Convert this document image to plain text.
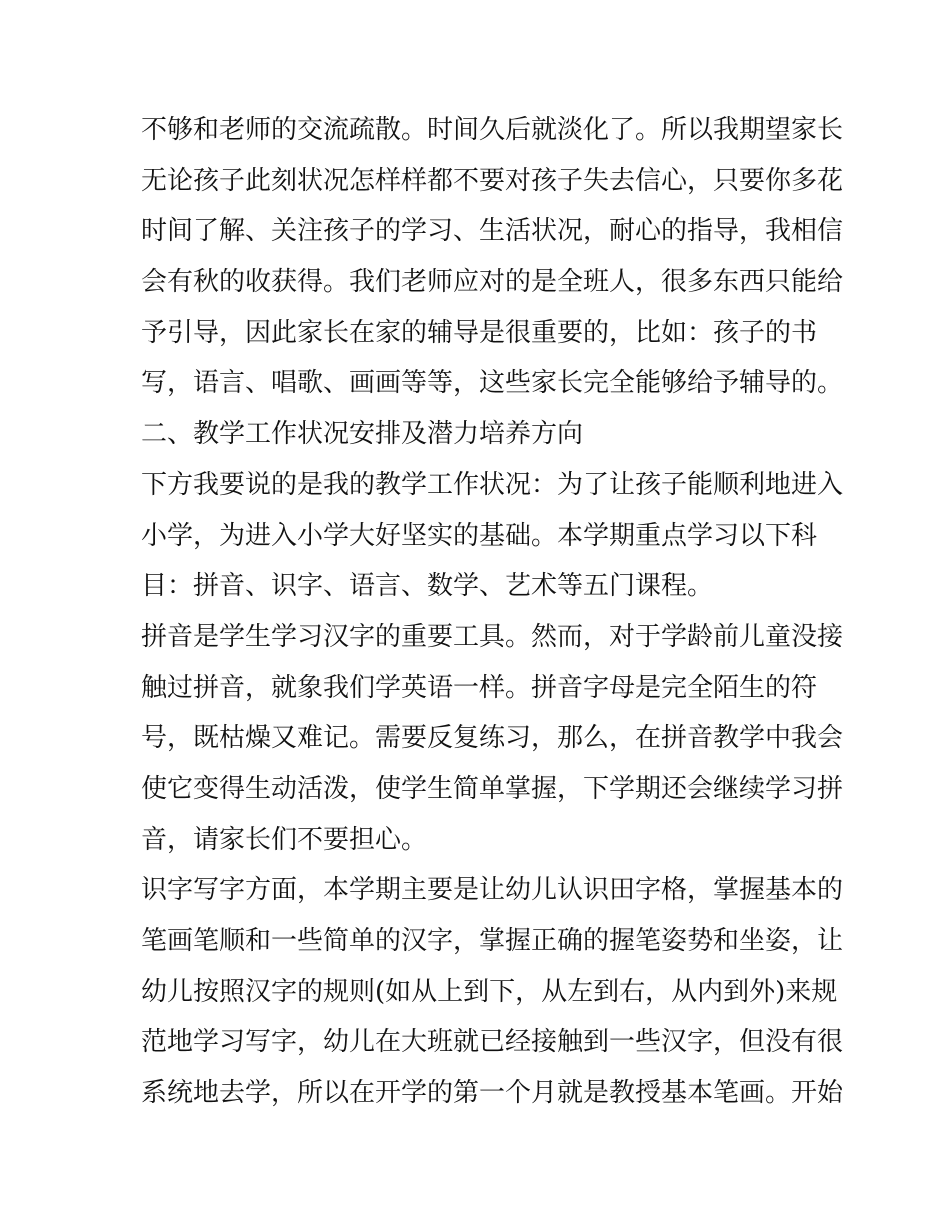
不够和老师的交流疏散。时间久后就淡化了。所以我期望家长
无论孩子此刻状况怎样样都不要对孩子失去信心，只要你多花
时间了解、关注孩子的学习、生活状况，耐心的指导，我相信
会有秋的收获得。我们老师应对的是全班人，很多东西只能给
予引导，因此家长在家的辅导是很重要的，比如：孩子的书
写，语言、唱歌、画画等等，这些家长完全能够给予辅导的。
二、教学工作状况安排及潜力培养方向
下方我要说的是我的教学工作状况：为了让孩子能顺利地进入
小学，为进入小学大好坚实的基础。本学期重点学习以下科
目：拼音、识字、语言、数学、艺术等五门课程。
拼音是学生学习汉字的重要工具。然而，对于学龄前儿童没接
触过拼音，就象我们学英语一样。拼音字母是完全陌生的符
号，既枯燥又难记。需要反复练习，那么，在拼音教学中我会
使它变得生动活泼，使学生简单掌握，下学期还会继续学习拼
音，请家长们不要担心。
识字写字方面，本学期主要是让幼儿认识田字格，掌握基本的
笔画笔顺和一些简单的汉字，掌握正确的握笔姿势和坐姿，让
幼儿按照汉字的规则(如从上到下，从左到右，从内到外)来规
范地学习写字，幼儿在大班就已经接触到一些汉字，但没有很
系统地去学，所以在开学的第一个月就是教授基本笔画。开始
